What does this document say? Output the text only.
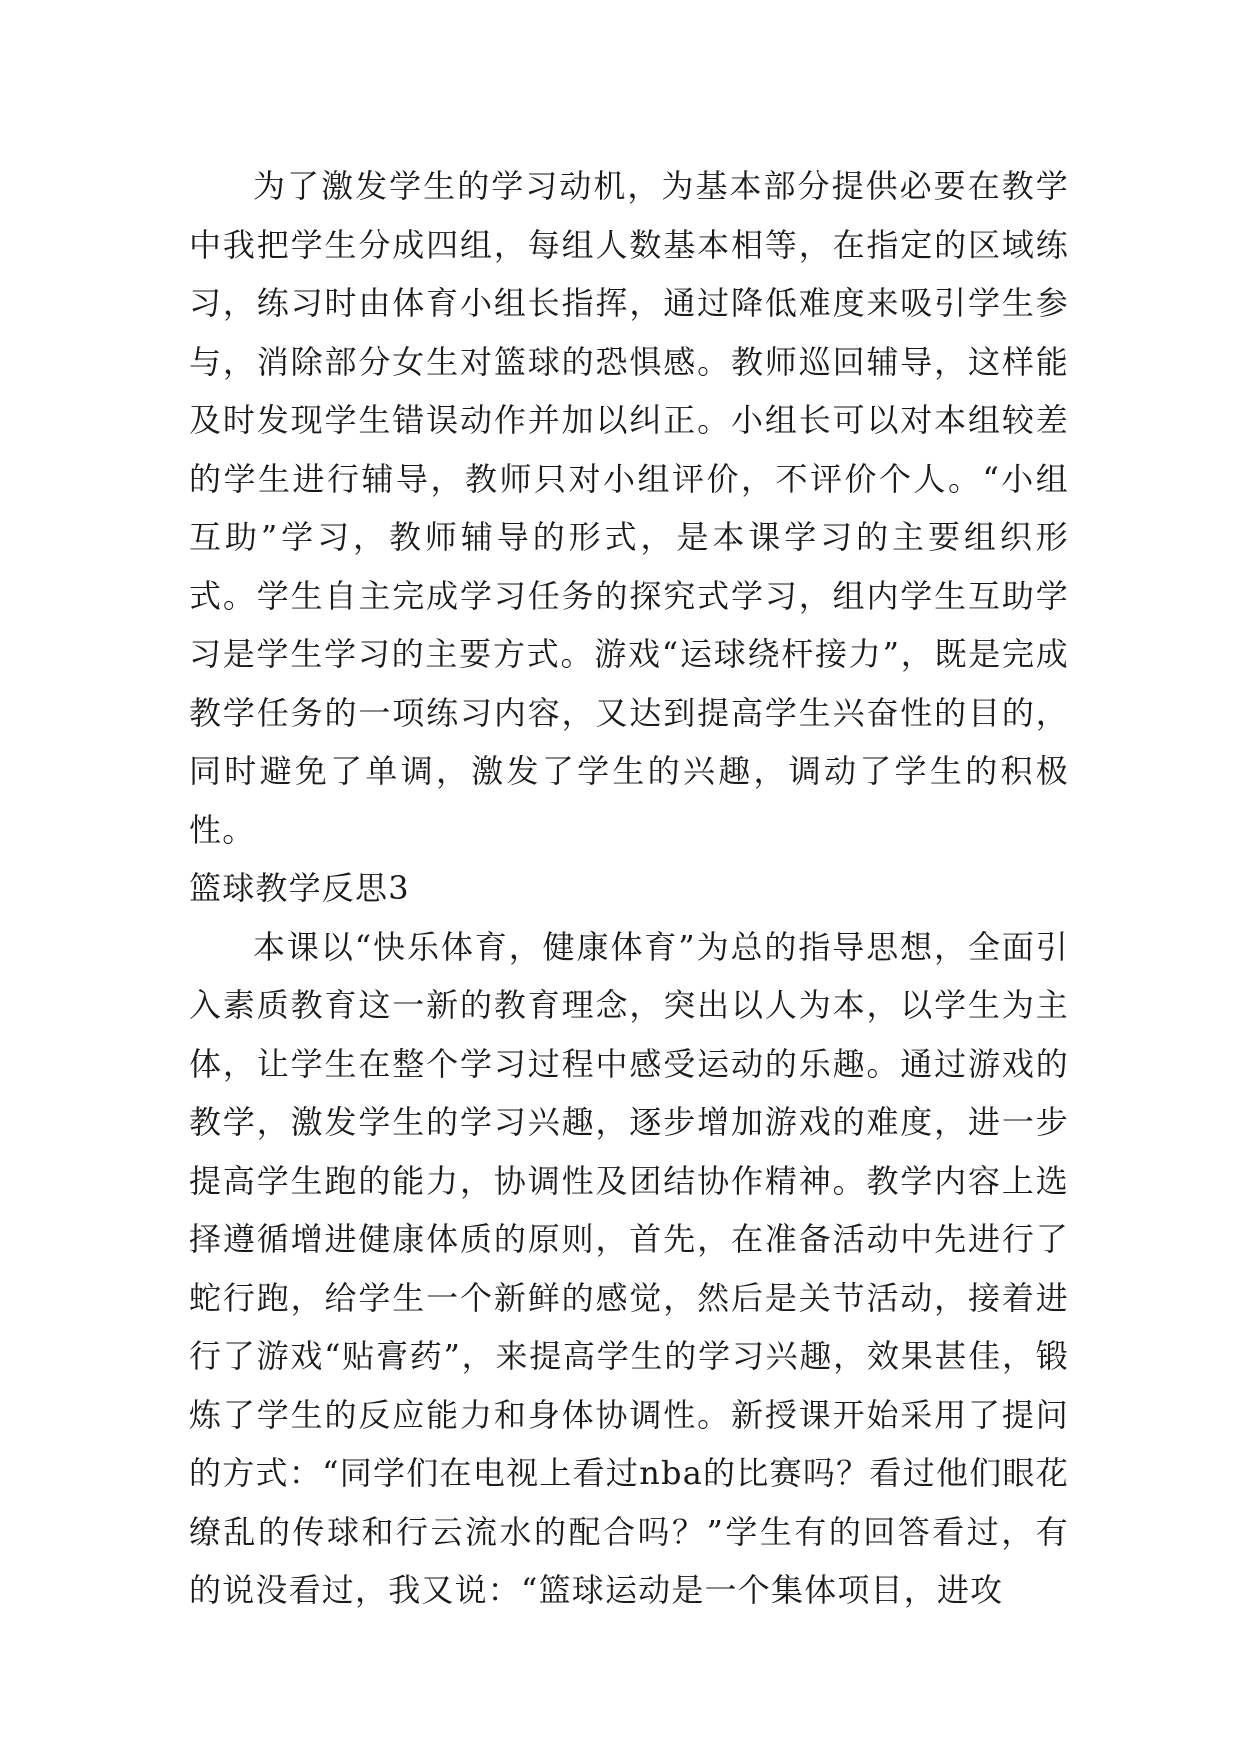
为了激发学生的学习动机，为基本部分提供必要在教学中我把学生分成四组，每组人数基本相等，在指定的区域练习，练习时由体育小组长指挥，通过降低难度来吸引学生参与，消除部分女生对篮球的恐惧感。教师巡回辅导，这样能及时发现学生错误动作并加以纠正。小组长可以对本组较差的学生进行辅导，教师只对小组评价，不评价个人。“小组互助”学习，教师辅导的形式，是本课学习的主要组织形式。学生自主完成学习任务的探究式学习，组内学生互助学习是学生学习的主要方式。游戏“运球绕杆接力”，既是完成教学任务的一项练习内容，又达到提高学生兴奋性的目的，同时避免了单调，激发了学生的兴趣，调动了学生的积极性。

篮球教学反思3

本课以“快乐体育，健康体育”为总的指导思想，全面引入素质教育这一新的教育理念，突出以人为本，以学生为主体，让学生在整个学习过程中感受运动的乐趣。通过游戏的教学，激发学生的学习兴趣，逐步增加游戏的难度，进一步提高学生跑的能力，协调性及团结协作精神。教学内容上选择遵循增进健康体质的原则，首先，在准备活动中先进行了蛇行跑，给学生一个新鲜的感觉，然后是关节活动，接着进行了游戏“贴膏药”，来提高学生的学习兴趣，效果甚佳，锻炼了学生的反应能力和身体协调性。新授课开始采用了提问的方式：“同学们在电视上看过nba的比赛吗？看过他们眼花缭乱的传球和行云流水的配合吗？”学生有的回答看过，有的说没看过，我又说：“篮球运动是一个集体项目，进攻
